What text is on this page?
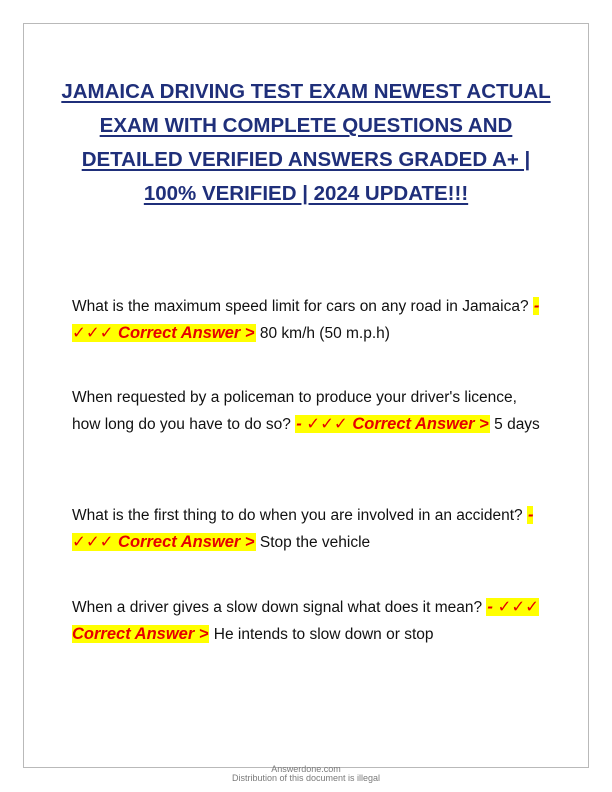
JAMAICA DRIVING TEST EXAM NEWEST ACTUAL EXAM WITH COMPLETE QUESTIONS AND DETAILED VERIFIED ANSWERS GRADED A+ | 100% VERIFIED | 2024 UPDATE!!!
What is the maximum speed limit for cars on any road in Jamaica? - ✓✓✓ Correct Answer > 80 km/h (50 m.p.h)
When requested by a policeman to produce your driver's licence, how long do you have to do so? - ✓✓✓ Correct Answer > 5 days
What is the first thing to do when you are involved in an accident? - ✓✓✓ Correct Answer > Stop the vehicle
When a driver gives a slow down signal what does it mean? - ✓✓✓ Correct Answer > He intends to slow down or stop
Answerdone.com
Distribution of this document is illegal
